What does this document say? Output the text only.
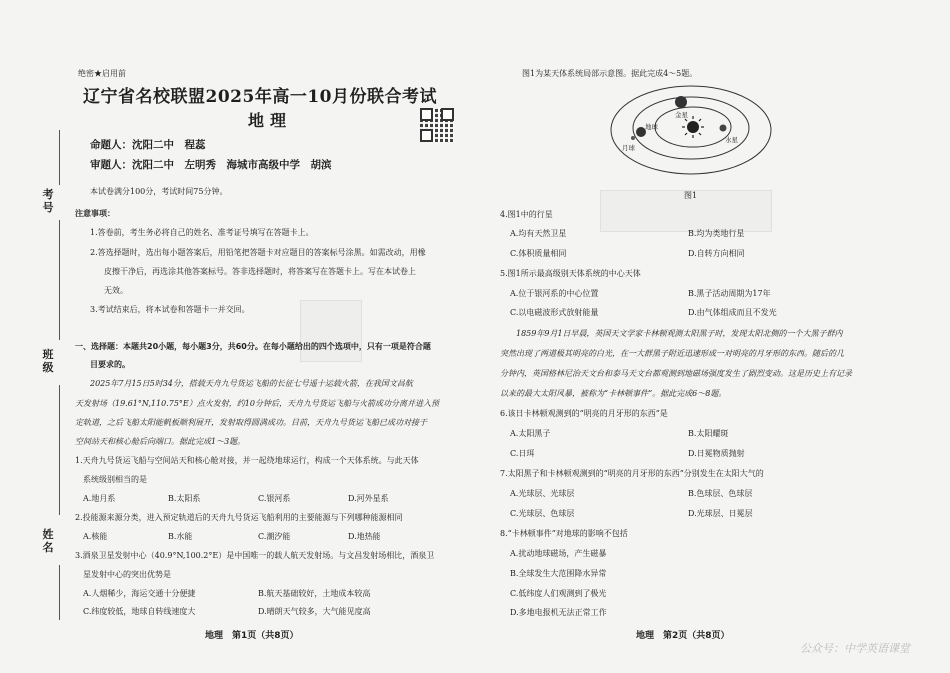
绝密★启用前
辽宁省名校联盟2025年高一10月份联合考试
地理
命题人：沈阳二中　程蕊
审题人：沈阳二中　左明秀　海城市高级中学　胡滨
考号
班级
姓名
本试卷满分100分，考试时间75分钟。
注意事项：
1.答卷前，考生务必将自己的姓名、准考证号填写在答题卡上。
2.答选择题时，选出每小题答案后，用铅笔把答题卡对应题目的答案标号涂黑。如需改动，用橡
皮擦干净后，再选涂其他答案标号。答非选择题时，将答案写在答题卡上。写在本试卷上
无效。
3.考试结束后，将本试卷和答题卡一并交回。
一、选择题：本题共20小题，每小题3分，共60分。在每小题给出的四个选项中，只有一项是符合题
目要求的。
2025年7月15日5时34分，搭载天舟九号货运飞船的长征七号遥十运载火箭，在我国文昌航
天发射场（19.61°N,110.75°E）点火发射，约10分钟后，天舟九号货运飞船与火箭成功分离并进入预
定轨道，之后飞船太阳能帆板顺利展开，发射取得圆满成功。目前，天舟九号货运飞船已成功对接于
空间站天和核心舱后向端口。据此完成1～3题。
1.天舟九号货运飞船与空间站天和核心舱对接，并一起绕地球运行，构成一个天体系统。与此天体
系统级别相当的是
A.地月系	B.太阳系	C.银河系	D.河外星系
2.投能源来源分类，进入预定轨道后的天舟九号货运飞船利用的主要能源与下列哪种能源相同
A.核能	B.水能	C.潮汐能	D.地热能
3.酒泉卫星发射中心（40.9°N,100.2°E）是中国唯一的载人航天发射场。与文昌发射场相比，酒泉卫
星发射中心的突出优势是
A.人烟稀少，海运交通十分便捷	B.航天基础较好，土地成本较高
C.纬度较低，地球自转线速度大	D.晴朗天气较多，大气能见度高
地理　第1页（共8页）
图1为某天体系统局部示意图。据此完成4～5题。
金星
地球
月球
水星
图1
4.图1中的行星
A.均有天然卫星	B.均为类地行星
C.体积质量相同	D.自转方向相同
5.图1所示最高级别天体系统的中心天体
A.位于银河系的中心位置	B.黑子活动周期为17年
C.以电磁波形式放射能量	D.由气体组成而且不发光
1859年9月1日早晨，英国天文学家卡林顿观测太阳黑子时，发现太阳北侧的一个大黑子群内
突然出现了两道极其明亮的白光，在一大群黑子附近迅速形成一对明亮的月牙形的东西。随后的几
分钟内，英国格林尼治天文台和泰马天文台都观测到地磁场强度发生了剧烈变动。这是历史上有记录
以来的最大太阳风暴，被称为“卡林顿事件”。据此完成6～8题。
6.该日卡林顿观测到的“明亮的月牙形的东西”是
A.太阳黑子	B.太阳耀斑
C.日珥	D.日冕物质抛射
7.太阳黑子和卡林顿观测到的“明亮的月牙形的东西”分别发生在太阳大气的
A.光球层、光球层	B.色球层、色球层
C.光球层、色球层	D.光球层、日冕层
8.“卡林顿事件”对地球的影响不包括
A.扰动地球磁场，产生磁暴
B.全球发生大范围降水异常
C.低纬度人们观测到了极光
D.多地电报机无法正常工作
地理　第2页（共8页）
公众号：中学英语课堂
